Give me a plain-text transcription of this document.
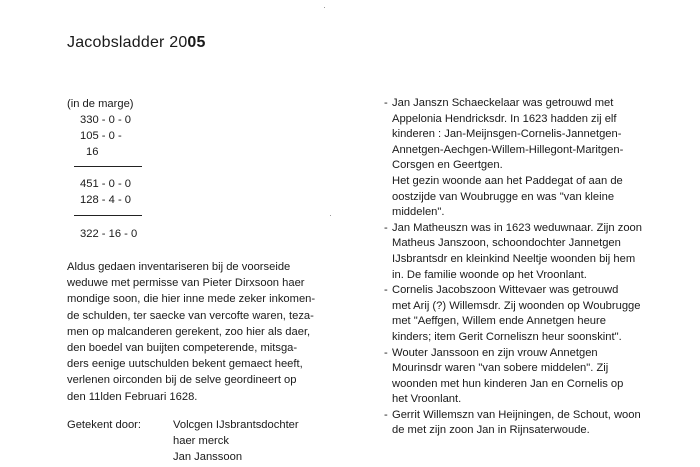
Jacobsladder 2005
(in de marge)
330 - 0 - 0
105 - 0 -
16
451 - 0 - 0
128 - 4 - 0
322 - 16 - 0
Aldus gedaen inventariseren bij de voorseide
weduwe met permisse van Pieter Dirxsoon haer
mondige soon, die hier inne mede zeker inkomen-
de schulden, ter saecke van vercofte waren, teza-
men op malcanderen gerekent, zoo hier als daer,
den boedel van buijten competerende, mitsga-
ders eenige uutschulden bekent gemaect heeft,
verlenen oirconden bij de selve geordineert op
den 11lden Februari 1628.
Getekent door:	Volcgen IJsbrantsdochter
haer merck
Jan Janssoon
- Jan Janszn Schaeckelaar was getrouwd met
Appelonia Hendricksdr. In 1623 hadden zij elf
kinderen : Jan-Meijnsgen-Cornelis-Jannetgen-
Annetgen-Aechgen-Willem-Hillegont-Maritgen-
Corsgen en Geertgen.
Het gezin woonde aan het Paddegat of aan de
oostzijde van Woubrugge en was "van kleine
middelen".
- Jan Matheuszn was in 1623 weduwnaar. Zijn zoon
Matheus Janszoon, schoondochter Jannetgen
IJsbrantsdr en kleinkind Neeltje woonden bij hem
in. De familie woonde op het Vroonlant.
- Cornelis Jacobszoon Wittevaer was getrouwd
met Arij (?) Willemsdr. Zij woonden op Woubrugge
met "Aeffgen, Willem ende Annetgen heure
kinders; item Gerit Corneliszn heur soonskint".
- Wouter Janssoon en zijn vrouw Annetgen
Mourinsdr waren "van sobere middelen". Zij
woonden met hun kinderen Jan en Cornelis op
het Vroonlant.
- Gerrit Willemszn van Heijningen, de Schout, woon
de met zijn zoon Jan in Rijnsaterwoude.
